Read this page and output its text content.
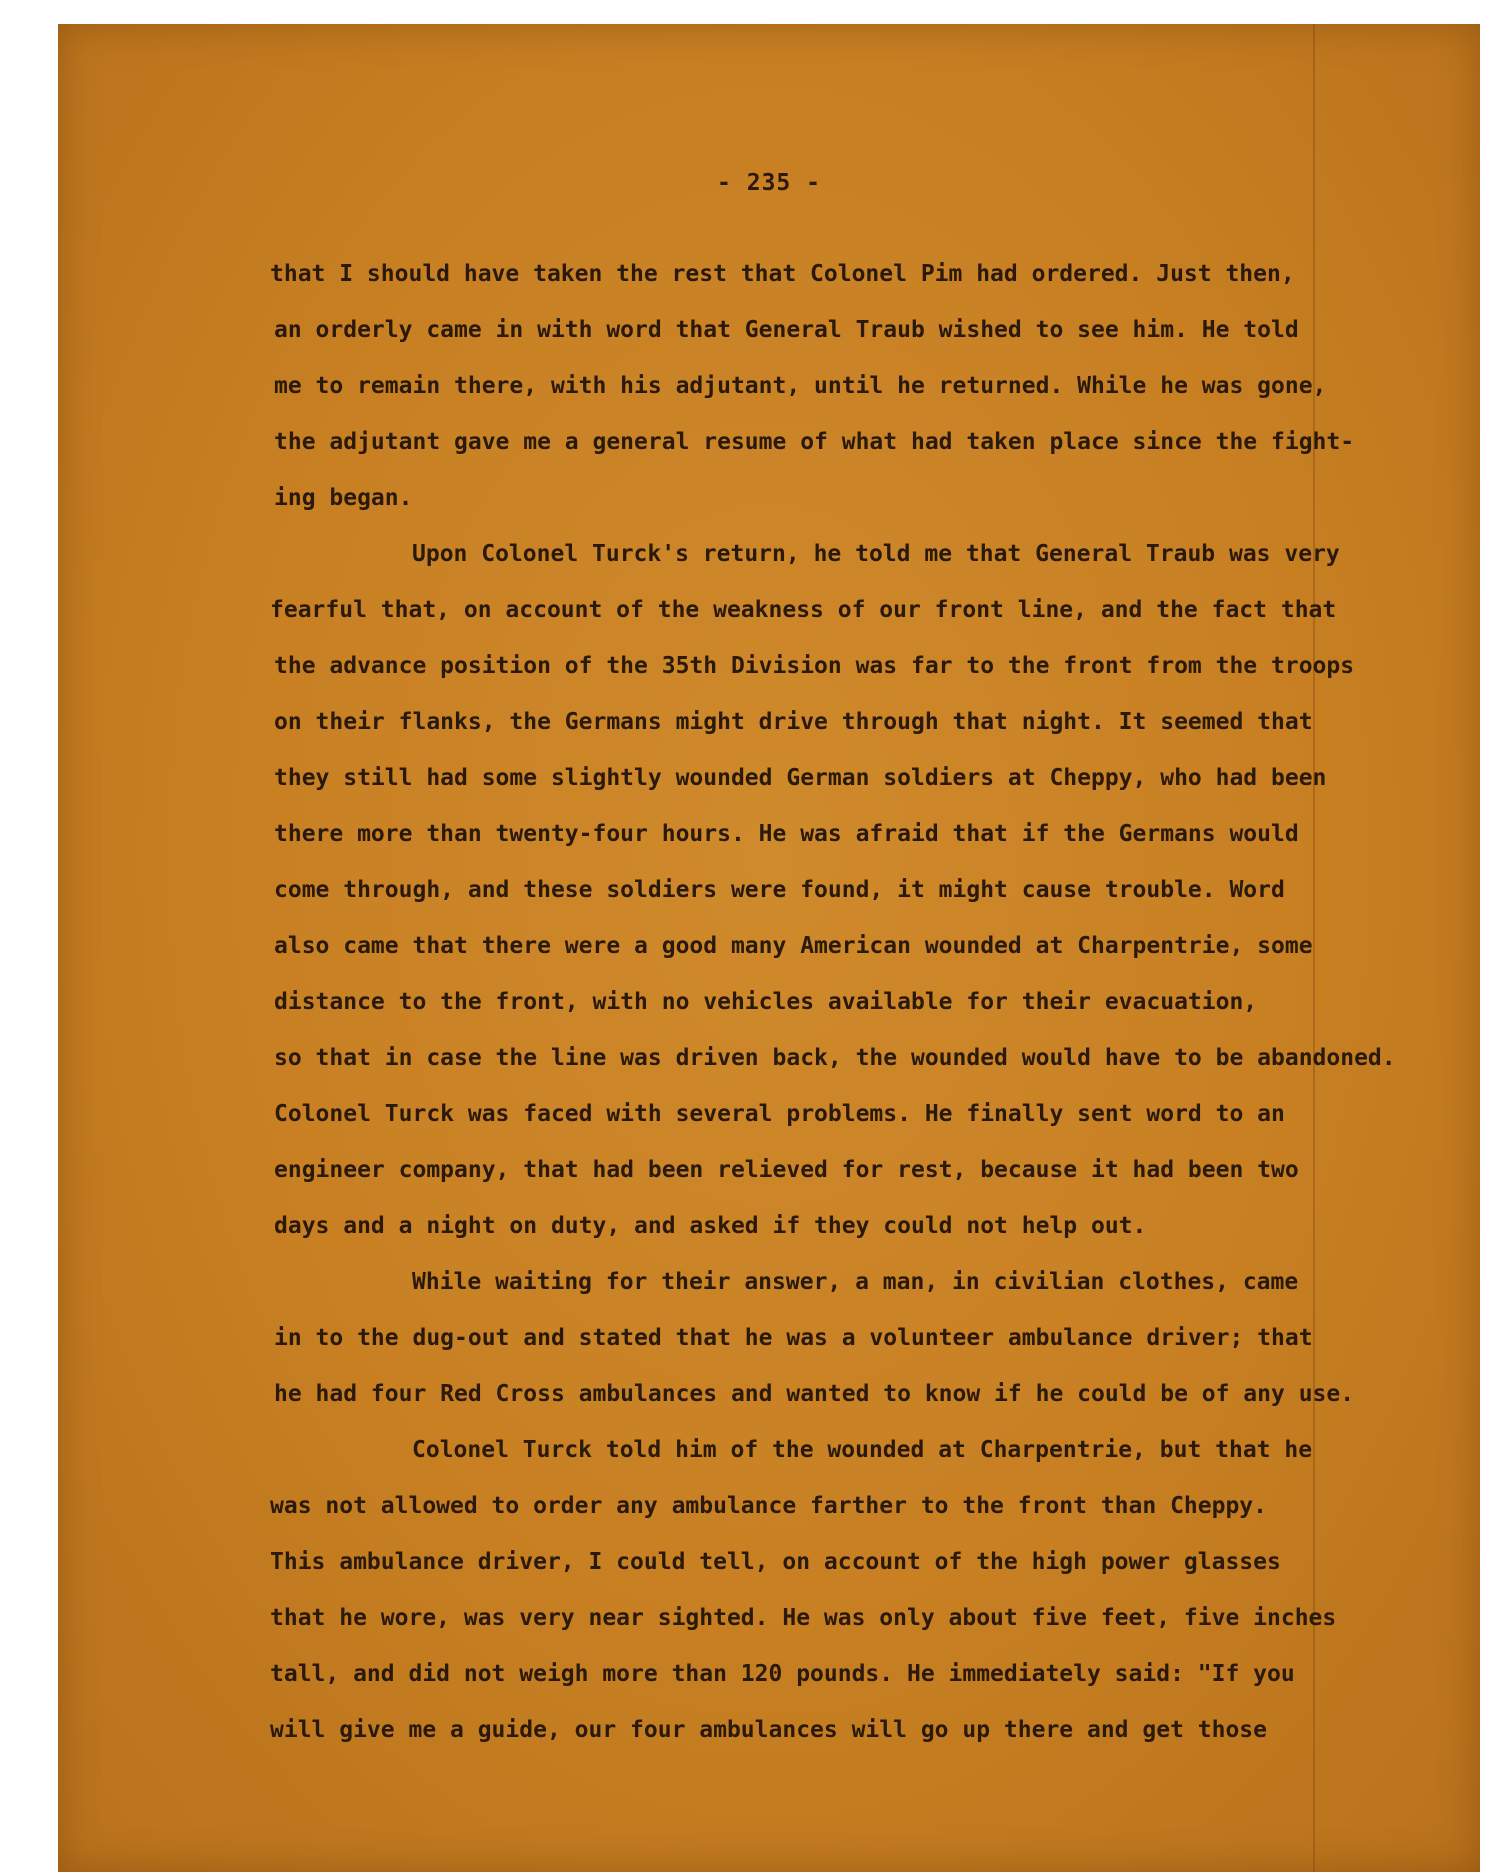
- 235 -
that I should have taken the rest that Colonel Pim had ordered. Just then,
an orderly came in with word that General Traub wished to see him. He told
me to remain there, with his adjutant, until he returned. While he was gone,
the adjutant gave me a general resume of what had taken place since the fight-
ing began.
Upon Colonel Turck's return, he told me that General Traub was very
fearful that, on account of the weakness of our front line, and the fact that
the advance position of the 35th Division was far to the front from the troops
on their flanks, the Germans might drive through that night. It seemed that
they still had some slightly wounded German soldiers at Cheppy, who had been
there more than twenty-four hours. He was afraid that if the Germans would
come through, and these soldiers were found, it might cause trouble. Word
also came that there were a good many American wounded at Charpentrie, some
distance to the front, with no vehicles available for their evacuation,
so that in case the line was driven back, the wounded would have to be abandoned.
Colonel Turck was faced with several problems. He finally sent word to an
engineer company, that had been relieved for rest, because it had been two
days and a night on duty, and asked if they could not help out.
While waiting for their answer, a man, in civilian clothes, came
in to the dug-out and stated that he was a volunteer ambulance driver; that
he had four Red Cross ambulances and wanted to know if he could be of any use.
Colonel Turck told him of the wounded at Charpentrie, but that he
was not allowed to order any ambulance farther to the front than Cheppy.
This ambulance driver, I could tell, on account of the high power glasses
that he wore, was very near sighted. He was only about five feet, five inches
tall, and did not weigh more than 120 pounds. He immediately said: "If you
will give me a guide, our four ambulances will go up there and get those
